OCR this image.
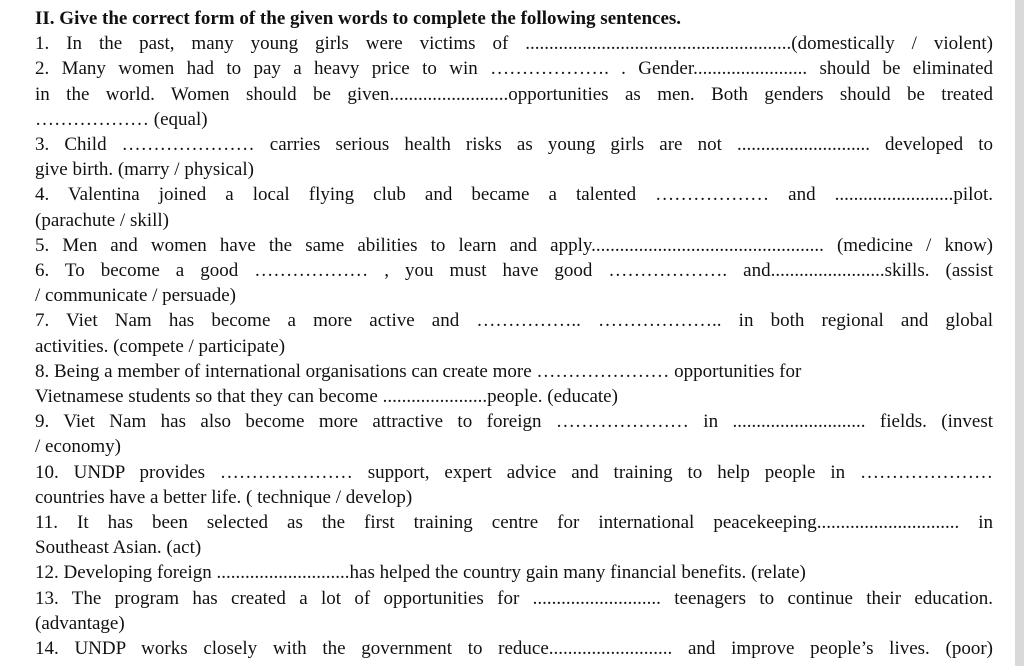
II. Give the correct form of the given words to complete the following sentences.

1. In the past, many young girls were victims of ........................................................(domestically / violent)

2. Many women had to pay a heavy price to win ………………. . Gender........................ should be eliminated
in the world. Women should be given.........................opportunities as men. Both genders should be treated
……………… (equal)

3. Child ………………… carries serious health risks as young girls are not ............................ developed to
give birth. (marry / physical)

4. Valentina joined a local flying club and became a talented ……………… and .........................pilot.
(parachute / skill)

5. Men and women have the same abilities to learn and apply................................................. (medicine / know)

6. To become a good ……………… , you must have good ………………. and........................skills. (assist
/ communicate / persuade)

7. Viet Nam has become a more active and …………….. ……………….. in both regional and global
activities. (compete / participate)

8. Being a member of international organisations can create more ………………… opportunities for
Vietnamese students so that they can become ......................people. (educate)

9. Viet Nam has also become more attractive to foreign ………………… in ............................ fields. (invest
/ economy)

10. UNDP provides ………………… support, expert advice and training to help people in …………………
countries have a better life. ( technique / develop)

11. It has been selected as the first training centre for international peacekeeping.............................. in
Southeast Asian. (act)

12. Developing foreign ............................has helped the country gain many financial benefits. (relate)

13. The program has created a lot of opportunities for ........................... teenagers to continue their education.
(advantage)

14. UNDP works closely with the government to reduce.......................... and improve people’s lives. (poor)
